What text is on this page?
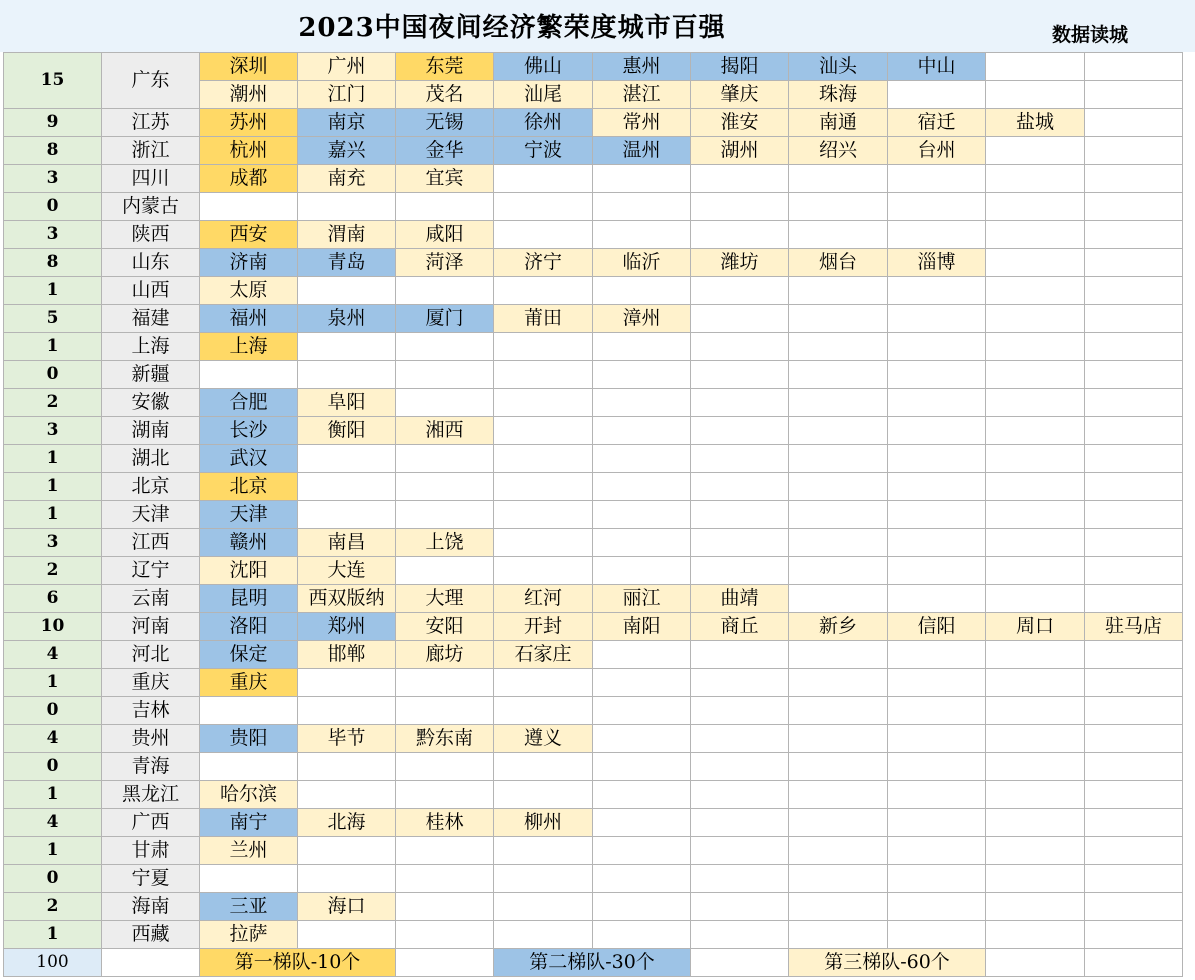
2023中国夜间经济繁荣度城市百强	数据读城
15	广东	深圳	广州	东莞	佛山	惠州	揭阳	汕头	中山		
		潮州	江门	茂名	汕尾	湛江	肇庆	珠海			
9	江苏	苏州	南京	无锡	徐州	常州	淮安	南通	宿迁	盐城	
8	浙江	杭州	嘉兴	金华	宁波	温州	湖州	绍兴	台州		
3	四川	成都	南充	宜宾							
0	内蒙古										
3	陕西	西安	渭南	咸阳							
8	山东	济南	青岛	菏泽	济宁	临沂	潍坊	烟台	淄博		
1	山西	太原									
5	福建	福州	泉州	厦门	莆田	漳州					
1	上海	上海									
0	新疆										
2	安徽	合肥	阜阳								
3	湖南	长沙	衡阳	湘西							
1	湖北	武汉									
1	北京	北京									
1	天津	天津									
3	江西	赣州	南昌	上饶							
2	辽宁	沈阳	大连								
6	云南	昆明	西双版纳	大理	红河	丽江	曲靖				
10	河南	洛阳	郑州	安阳	开封	南阳	商丘	新乡	信阳	周口	驻马店
4	河北	保定	邯郸	廊坊	石家庄						
1	重庆	重庆									
0	吉林										
4	贵州	贵阳	毕节	黔东南	遵义						
0	青海										
1	黑龙江	哈尔滨									
4	广西	南宁	北海	桂林	柳州						
1	甘肃	兰州									
0	宁夏										
2	海南	三亚	海口								
1	西藏	拉萨									
100		第一梯队-10个			第二梯队-30个			第三梯队-60个			
